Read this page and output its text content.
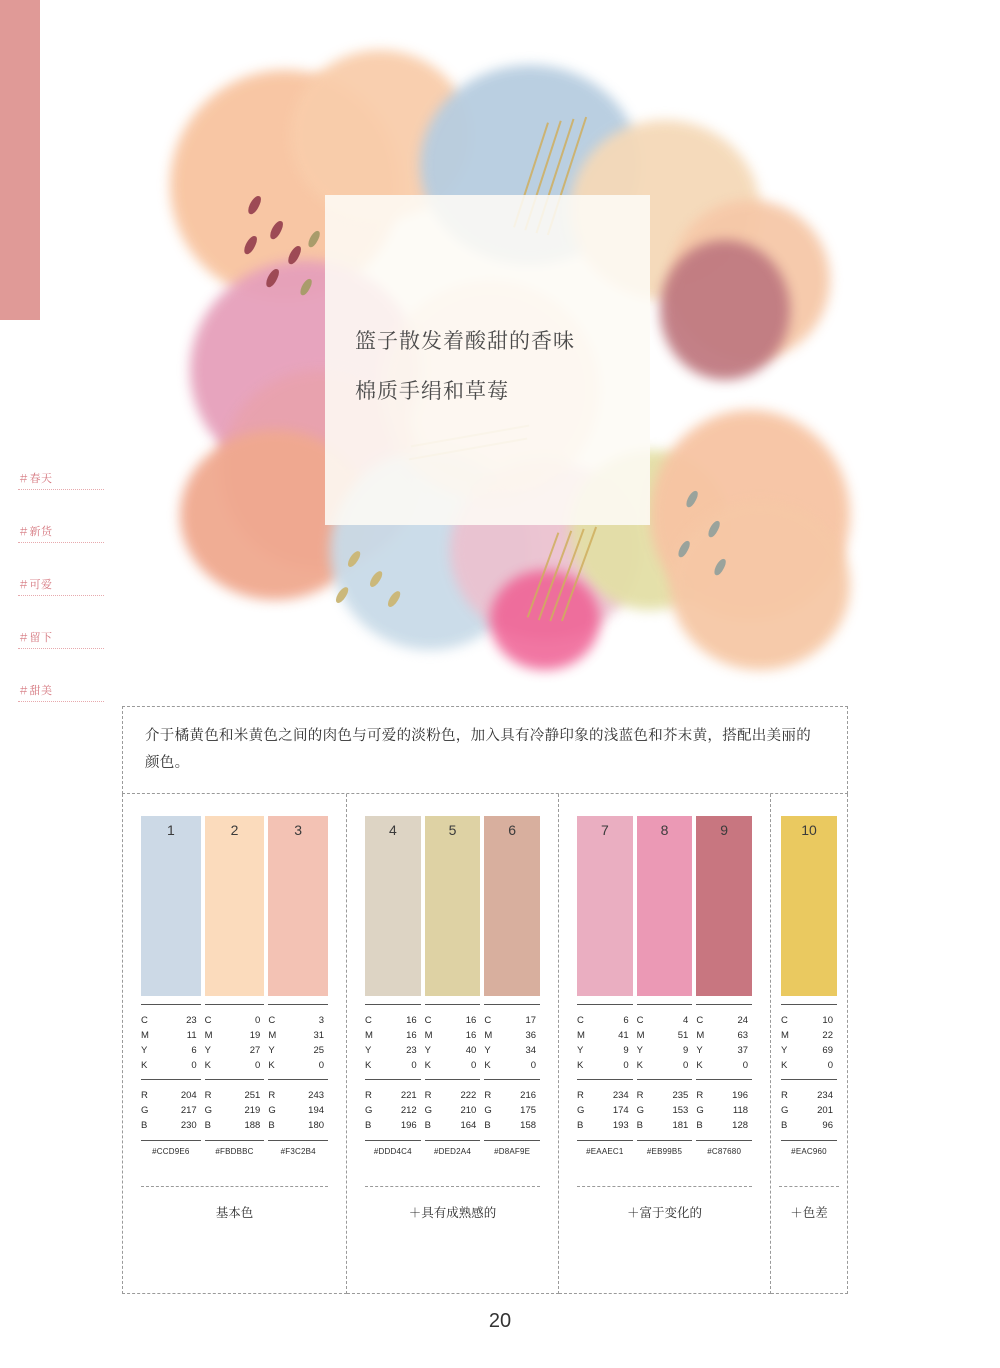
＃春天
＃新货
＃可爱
＃留下
＃甜美

篮子散发着酸甜的香味

棉质手绢和草莓

介于橘黄色和米黄色之间的肉色与可爱的淡粉色，加入具有冷静印象的浅蓝色和芥末黄，搭配出美丽的颜色。

1
C	23
M	11
Y	6
K	0
R	204
G	217
B	230
#CCD9E6
2
C	0
M	19
Y	27
K	0
R	251
G	219
B	188
#FBDBBC
3
C	3
M	31
Y	25
K	0
R	243
G	194
B	180
#F3C2B4
基本色
4
C	16
M	16
Y	23
K	0
R	221
G	212
B	196
#DDD4C4
5
C	16
M	16
Y	40
K	0
R	222
G	210
B	164
#DED2A4
6
C	17
M	36
Y	34
K	0
R	216
G	175
B	158
#D8AF9E
＋具有成熟感的
7
C	6
M	41
Y	9
K	0
R	234
G	174
B	193
#EAAEC1
8
C	4
M	51
Y	9
K	0
R	235
G	153
B	181
#EB99B5
9
C	24
M	63
Y	37
K	0
R	196
G	118
B	128
#C87680
＋富于变化的
10
C	10
M	22
Y	69
K	0
R	234
G	201
B	96
#EAC960
＋色差
20
